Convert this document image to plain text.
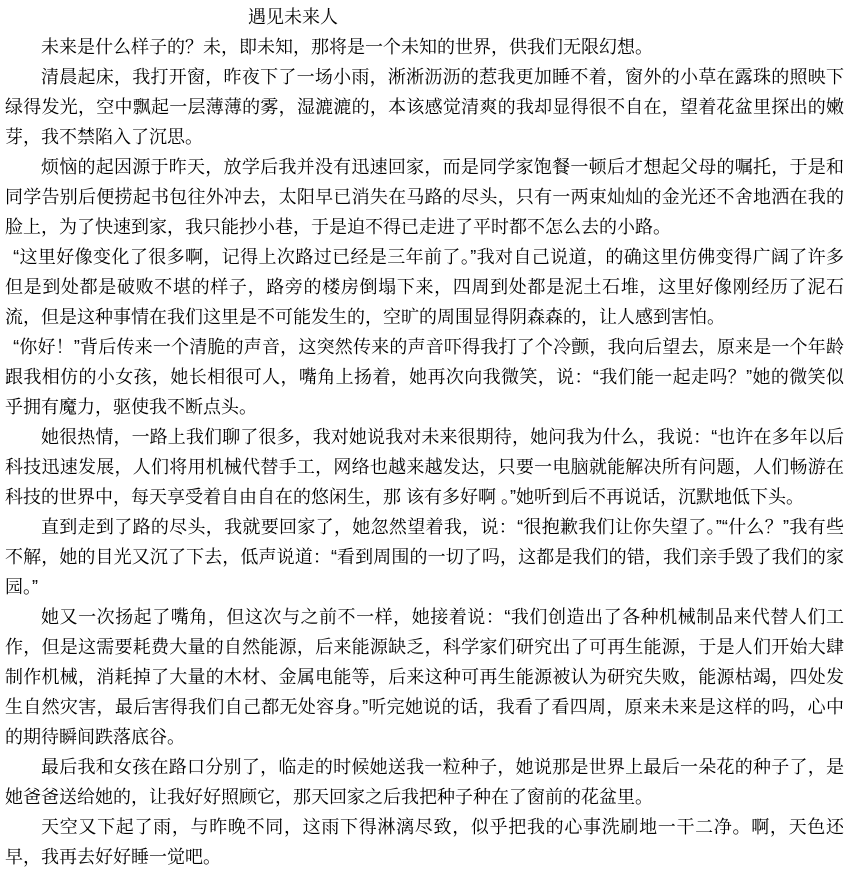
遇见未来人

未来是什么样子的？未，即未知，那将是一个未知的世界，供我们无限幻想。

清晨起床，我打开窗，昨夜下了一场小雨，淅淅沥沥的惹我更加睡不着，窗外的小草在露珠的照映下绿得发光，空中飘起一层薄薄的雾，湿漉漉的，本该感觉清爽的我却显得很不自在，望着花盆里探出的嫩芽，我不禁陷入了沉思。

烦恼的起因源于昨天，放学后我并没有迅速回家，而是同学家饱餐一顿后才想起父母的嘱托，于是和同学告别后便捞起书包往外冲去，太阳早已消失在马路的尽头，只有一两束灿灿的金光还不舍地洒在我的脸上，为了快速到家，我只能抄小巷，于是迫不得已走进了平时都不怎么去的小路。

“这里好像变化了很多啊，记得上次路过已经是三年前了。”我对自己说道，的确这里仿佛变得广阔了许多但是到处都是破败不堪的样子，路旁的楼房倒塌下来，四周到处都是泥土石堆，这里好像刚经历了泥石流，但是这种事情在我们这里是不可能发生的，空旷的周围显得阴森森的，让人感到害怕。

“你好！”背后传来一个清脆的声音，这突然传来的声音吓得我打了个冷颤，我向后望去，原来是一个年龄跟我相仿的小女孩，她长相很可人，嘴角上扬着，她再次向我微笑，说：“我们能一起走吗？”她的微笑似乎拥有魔力，驱使我不断点头。

她很热情，一路上我们聊了很多，我对她说我对未来很期待，她问我为什么，我说：“也许在多年以后科技迅速发展，人们将用机械代替手工，网络也越来越发达，只要一电脑就能解决所有问题，人们畅游在科技的世界中，每天享受着自由自在的悠闲生，那 该有多好啊 。”她听到后不再说话，沉默地低下头。

直到走到了路的尽头，我就要回家了，她忽然望着我，说：“很抱歉我们让你失望了。”“什么？”我有些不解，她的目光又沉了下去，低声说道：“看到周围的一切了吗，这都是我们的错，我们亲手毁了我们的家园。”

她又一次扬起了嘴角，但这次与之前不一样，她接着说：“我们创造出了各种机械制品来代替人们工作，但是这需要耗费大量的自然能源，后来能源缺乏，科学家们研究出了可再生能源，于是人们开始大肆制作机械，消耗掉了大量的木材、金属电能等，后来这种可再生能源被认为研究失败，能源枯竭，四处发生自然灾害，最后害得我们自己都无处容身。”听完她说的话，我看了看四周，原来未来是这样的吗，心中的期待瞬间跌落底谷。

最后我和女孩在路口分别了，临走的时候她送我一粒种子，她说那是世界上最后一朵花的种子了，是她爸爸送给她的，让我好好照顾它，那天回家之后我把种子种在了窗前的花盆里。

天空又下起了雨，与昨晚不同，这雨下得淋漓尽致，似乎把我的心事洗刷地一干二净。啊，天色还早，我再去好好睡一觉吧。
